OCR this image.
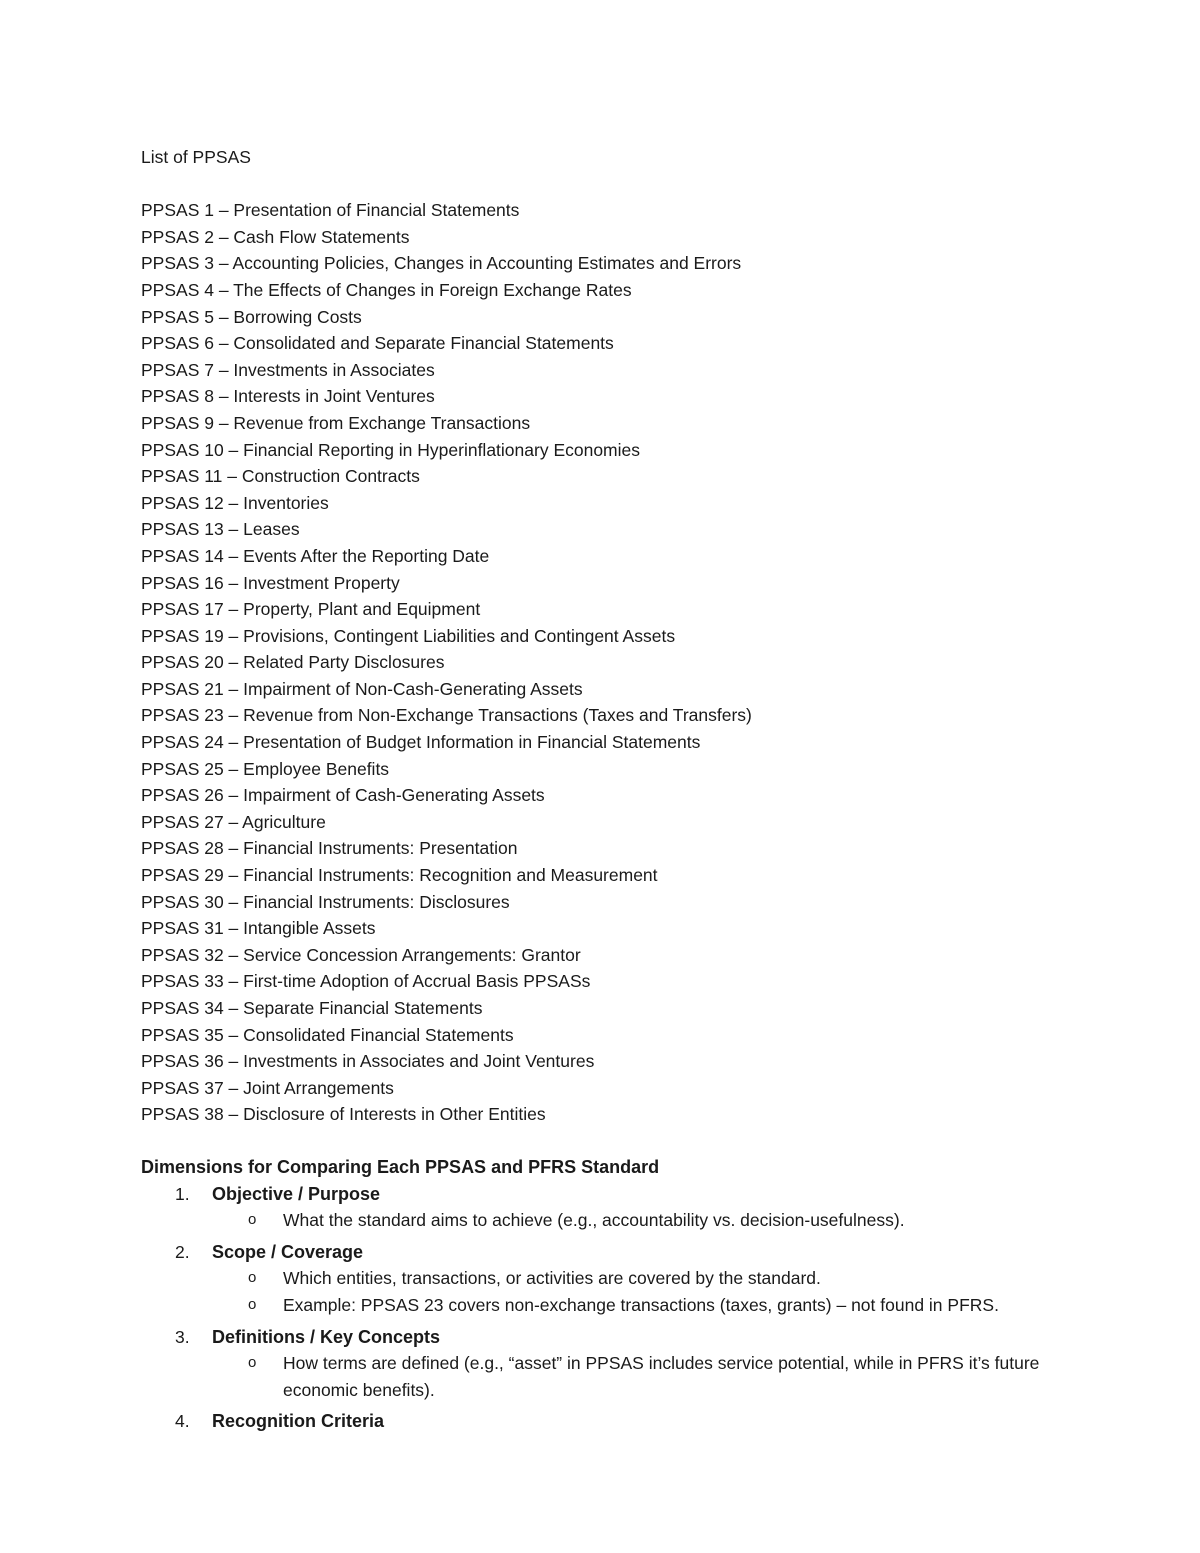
List of PPSAS

PPSAS 1 – Presentation of Financial Statements
PPSAS 2 – Cash Flow Statements
PPSAS 3 – Accounting Policies, Changes in Accounting Estimates and Errors
PPSAS 4 – The Effects of Changes in Foreign Exchange Rates
PPSAS 5 – Borrowing Costs
PPSAS 6 – Consolidated and Separate Financial Statements
PPSAS 7 – Investments in Associates
PPSAS 8 – Interests in Joint Ventures
PPSAS 9 – Revenue from Exchange Transactions
PPSAS 10 – Financial Reporting in Hyperinflationary Economies
PPSAS 11 – Construction Contracts
PPSAS 12 – Inventories
PPSAS 13 – Leases
PPSAS 14 – Events After the Reporting Date
PPSAS 16 – Investment Property
PPSAS 17 – Property, Plant and Equipment
PPSAS 19 – Provisions, Contingent Liabilities and Contingent Assets
PPSAS 20 – Related Party Disclosures
PPSAS 21 – Impairment of Non-Cash-Generating Assets
PPSAS 23 – Revenue from Non-Exchange Transactions (Taxes and Transfers)
PPSAS 24 – Presentation of Budget Information in Financial Statements
PPSAS 25 – Employee Benefits
PPSAS 26 – Impairment of Cash-Generating Assets
PPSAS 27 – Agriculture
PPSAS 28 – Financial Instruments: Presentation
PPSAS 29 – Financial Instruments: Recognition and Measurement
PPSAS 30 – Financial Instruments: Disclosures
PPSAS 31 – Intangible Assets
PPSAS 32 – Service Concession Arrangements: Grantor
PPSAS 33 – First-time Adoption of Accrual Basis PPSASs
PPSAS 34 – Separate Financial Statements
PPSAS 35 – Consolidated Financial Statements
PPSAS 36 – Investments in Associates and Joint Ventures
PPSAS 37 – Joint Arrangements
PPSAS 38 – Disclosure of Interests in Other Entities
Dimensions for Comparing Each PPSAS and PFRS Standard
1. Objective / Purpose
o What the standard aims to achieve (e.g., accountability vs. decision-usefulness).
2. Scope / Coverage
o Which entities, transactions, or activities are covered by the standard.
o Example: PPSAS 23 covers non-exchange transactions (taxes, grants) – not found in PFRS.
3. Definitions / Key Concepts
o How terms are defined (e.g., “asset” in PPSAS includes service potential, while in PFRS it’s future economic benefits).
4. Recognition Criteria
